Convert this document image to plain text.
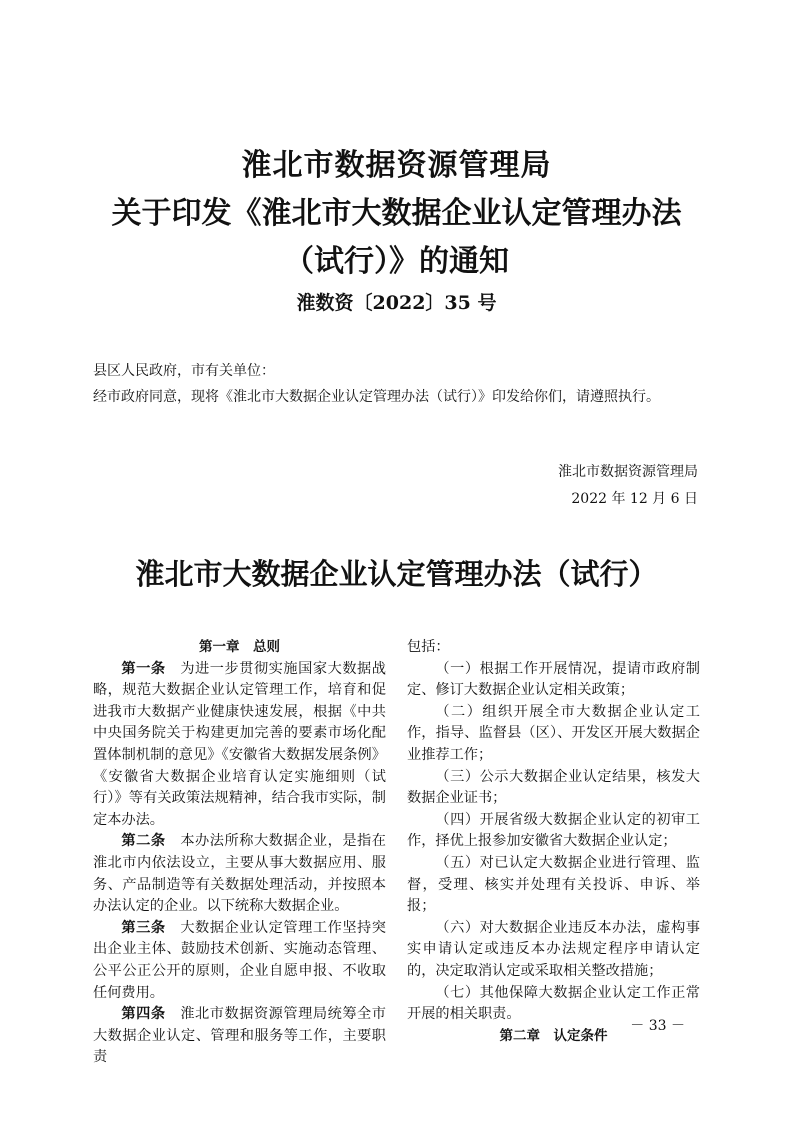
淮北市数据资源管理局
关于印发《淮北市大数据企业认定管理办法
（试行）》的通知
淮数资〔2022〕35 号
县区人民政府，市有关单位：
经市政府同意，现将《淮北市大数据企业认定管理办法（试行）》印发给你们，请遵照执行。
淮北市数据资源管理局
2022 年 12 月 6 日
淮北市大数据企业认定管理办法（试行）
第一章　总则

第一条　 为进一步贯彻实施国家大数据战略，规范大数据企业认定管理工作，培育和促进我市大数据产业健康快速发展，根据《中共中央国务院关于构建更加完善的要素市场化配置体制机制的意见》《安徽省大数据发展条例》《安徽省大数据企业培育认定实施细则（试行）》等有关政策法规精神，结合我市实际，制定本办法。

第二条　 本办法所称大数据企业，是指在淮北市内依法设立，主要从事大数据应用、服务、产品制造等有关数据处理活动，并按照本办法认定的企业。以下统称大数据企业。

第三条　 大数据企业认定管理工作坚持突出企业主体、鼓励技术创新、实施动态管理、公平公正公开的原则，企业自愿申报、不收取任何费用。

第四条　 淮北市数据资源管理局统筹全市大数据企业认定、管理和服务等工作，主要职责

包括：

（一）根据工作开展情况，提请市政府制定、修订大数据企业认定相关政策；

（二）组织开展全市大数据企业认定工作，指导、监督县（区）、开发区开展大数据企业推荐工作；

（三）公示大数据企业认定结果，核发大数据企业证书；

（四）开展省级大数据企业认定的初审工作，择优上报参加安徽省大数据企业认定；

（五）对已认定大数据企业进行管理、监督，受理、核实并处理有关投诉、申诉、举报；

（六）对大数据企业违反本办法，虚构事实申请认定或违反本办法规定程序申请认定的，决定取消认定或采取相关整改措施；

（七）其他保障大数据企业认定工作正常开展的相关职责。

第二章　认定条件
－ 33 －
